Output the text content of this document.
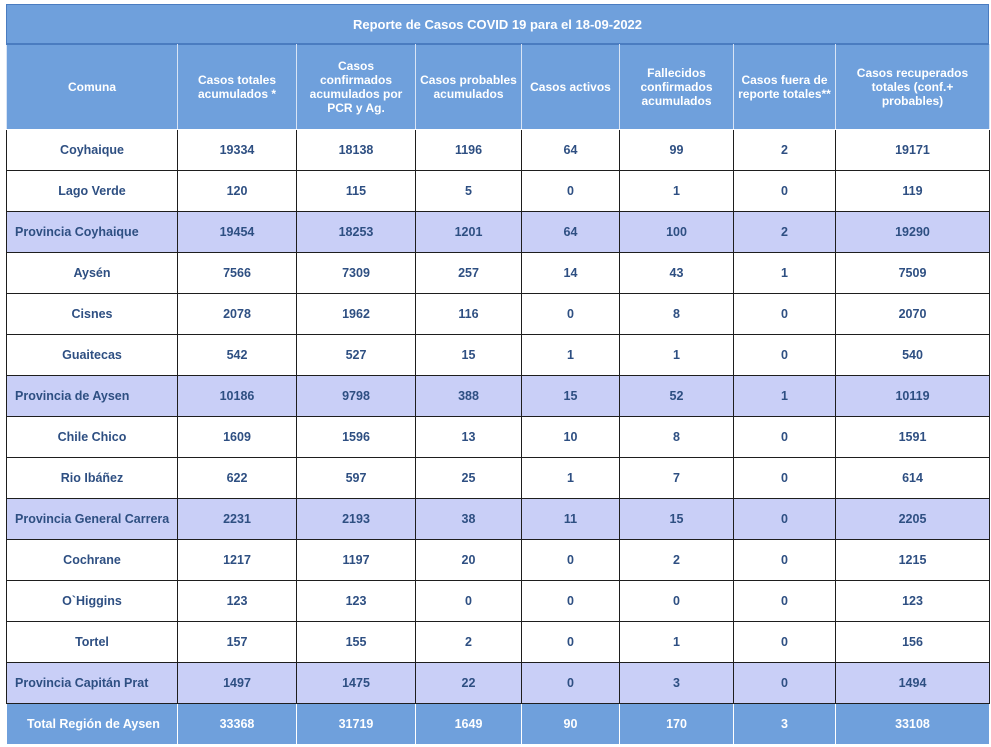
Reporte de Casos COVID 19 para el 18-09-2022
Comuna	Casos totales acumulados *	Casos confirmados acumulados por PCR y Ag.	Casos probables acumulados	Casos activos	Fallecidos confirmados acumulados	Casos fuera de reporte totales**	Casos recuperados totales (conf.+ probables)
Coyhaique	19334	18138	1196	64	99	2	19171
Lago Verde	120	115	5	0	1	0	119
Provincia Coyhaique	19454	18253	1201	64	100	2	19290
Aysén	7566	7309	257	14	43	1	7509
Cisnes	2078	1962	116	0	8	0	2070
Guaitecas	542	527	15	1	1	0	540
Provincia de Aysen	10186	9798	388	15	52	1	10119
Chile Chico	1609	1596	13	10	8	0	1591
Rio Ibáñez	622	597	25	1	7	0	614
Provincia General Carrera	2231	2193	38	11	15	0	2205
Cochrane	1217	1197	20	0	2	0	1215
O`Higgins	123	123	0	0	0	0	123
Tortel	157	155	2	0	1	0	156
Provincia Capitán Prat	1497	1475	22	0	3	0	1494
Total Región de Aysen	33368	31719	1649	90	170	3	33108
